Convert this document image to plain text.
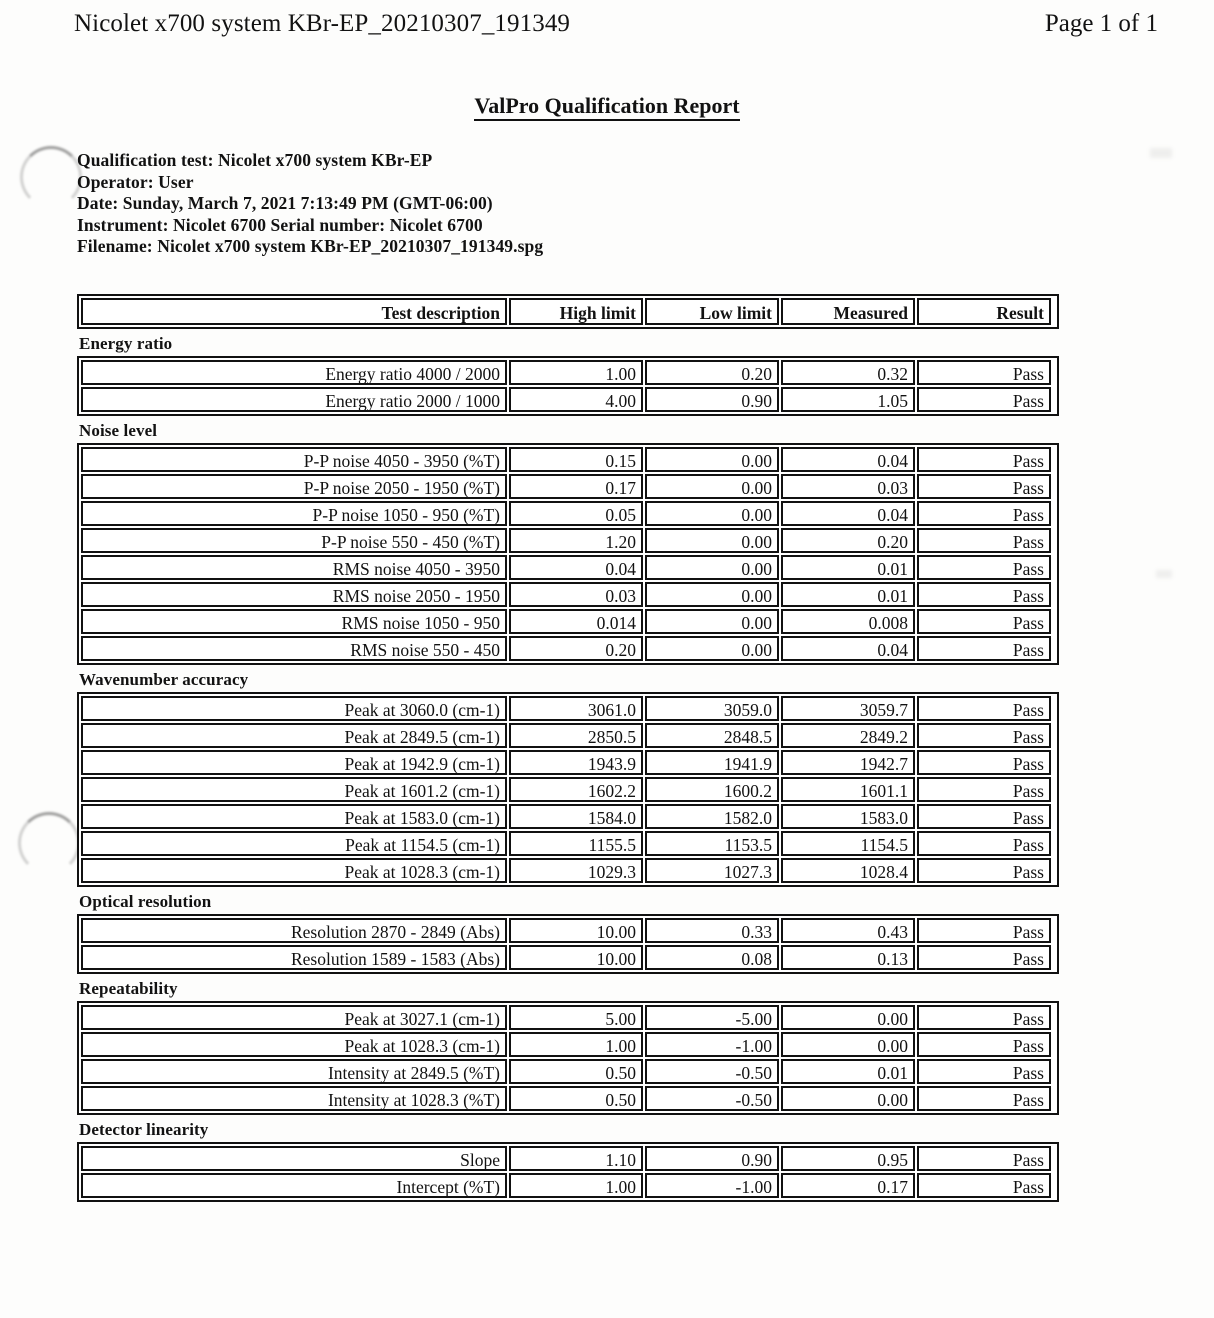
Nicolet x700 system KBr-EP_20210307_191349	Page 1 of 1
ValPro Qualification Report
Qualification test: Nicolet x700 system KBr-EP
Operator: User
Date: Sunday, March 7, 2021 7:13:49 PM (GMT-06:00)
Instrument: Nicolet 6700 Serial number: Nicolet 6700
Filename: Nicolet x700 system KBr-EP_20210307_191349.spg
Test description	High limit	Low limit	Measured	Result
Energy ratio
Energy ratio 4000 / 2000	1.00	0.20	0.32	Pass
Energy ratio 2000 / 1000	4.00	0.90	1.05	Pass
Noise level
P-P noise 4050 - 3950 (%T)	0.15	0.00	0.04	Pass
P-P noise 2050 - 1950 (%T)	0.17	0.00	0.03	Pass
P-P noise 1050 - 950 (%T)	0.05	0.00	0.04	Pass
P-P noise 550 - 450 (%T)	1.20	0.00	0.20	Pass
RMS noise 4050 - 3950	0.04	0.00	0.01	Pass
RMS noise 2050 - 1950	0.03	0.00	0.01	Pass
RMS noise 1050 - 950	0.014	0.00	0.008	Pass
RMS noise 550 - 450	0.20	0.00	0.04	Pass
Wavenumber accuracy
Peak at 3060.0 (cm-1)	3061.0	3059.0	3059.7	Pass
Peak at 2849.5 (cm-1)	2850.5	2848.5	2849.2	Pass
Peak at 1942.9 (cm-1)	1943.9	1941.9	1942.7	Pass
Peak at 1601.2 (cm-1)	1602.2	1600.2	1601.1	Pass
Peak at 1583.0 (cm-1)	1584.0	1582.0	1583.0	Pass
Peak at 1154.5 (cm-1)	1155.5	1153.5	1154.5	Pass
Peak at 1028.3 (cm-1)	1029.3	1027.3	1028.4	Pass
Optical resolution
Resolution 2870 - 2849 (Abs)	10.00	0.33	0.43	Pass
Resolution 1589 - 1583 (Abs)	10.00	0.08	0.13	Pass
Repeatability
Peak at 3027.1 (cm-1)	5.00	-5.00	0.00	Pass
Peak at 1028.3 (cm-1)	1.00	-1.00	0.00	Pass
Intensity at 2849.5 (%T)	0.50	-0.50	0.01	Pass
Intensity at 1028.3 (%T)	0.50	-0.50	0.00	Pass
Detector linearity
Slope	1.10	0.90	0.95	Pass
Intercept (%T)	1.00	-1.00	0.17	Pass
